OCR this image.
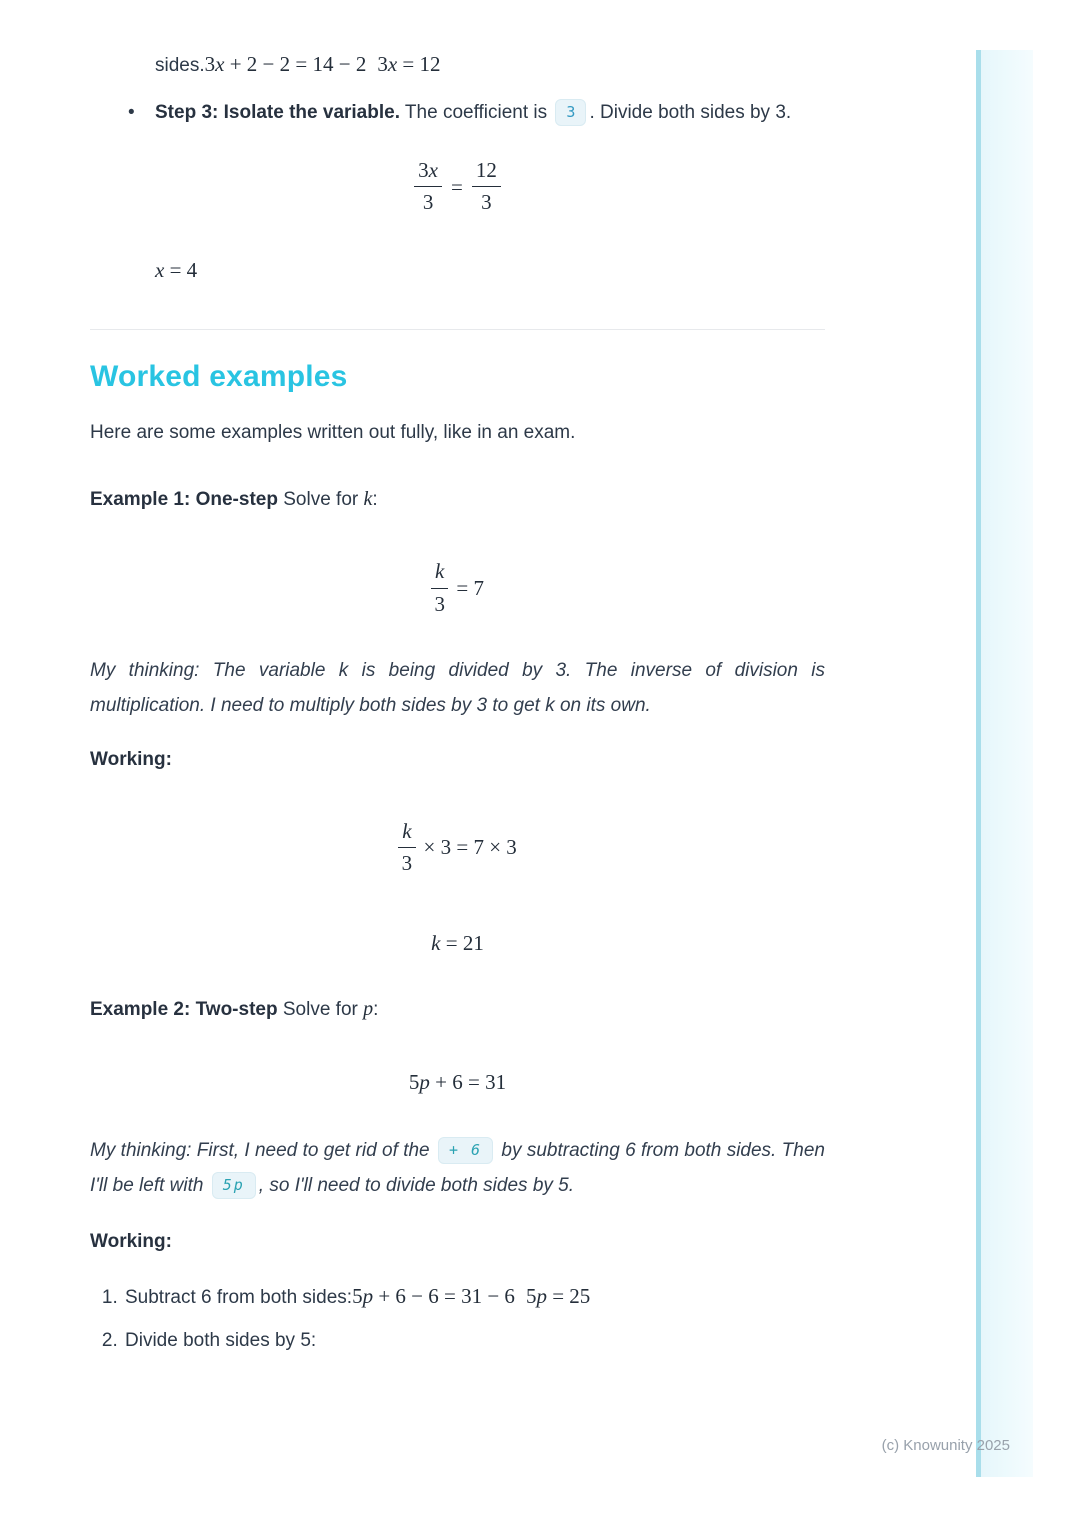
sides.3x + 2 − 2 = 14 − 2 3x = 12

• Step 3: Isolate the variable. The coefficient is 3 . Divide both sides by 3.
$\frac{3x}{3} = \frac{12}{3}$

x = 4

Worked examples

Here are some examples written out fully, like in an exam.

Example 1: One-step Solve for k:

$\frac{k}{3} = 7$

My thinking: The variable k is being divided by 3. The inverse of division is multiplication. I need to multiply both sides by 3 to get k on its own.

Working:

$\frac{k}{3} \times 3 = 7 \times 3$
k = 21

Example 2: Two-step Solve for p:

5p + 6 = 31

My thinking: First, I need to get rid of the + 6 by subtracting 6 from both sides. Then I'll be left with 5p , so I'll need to divide both sides by 5.

Working:

1. Subtract 6 from both sides:5p + 6 − 6 = 31 − 6 5p = 25
2. Divide both sides by 5:
(c) Knowunity 2025
